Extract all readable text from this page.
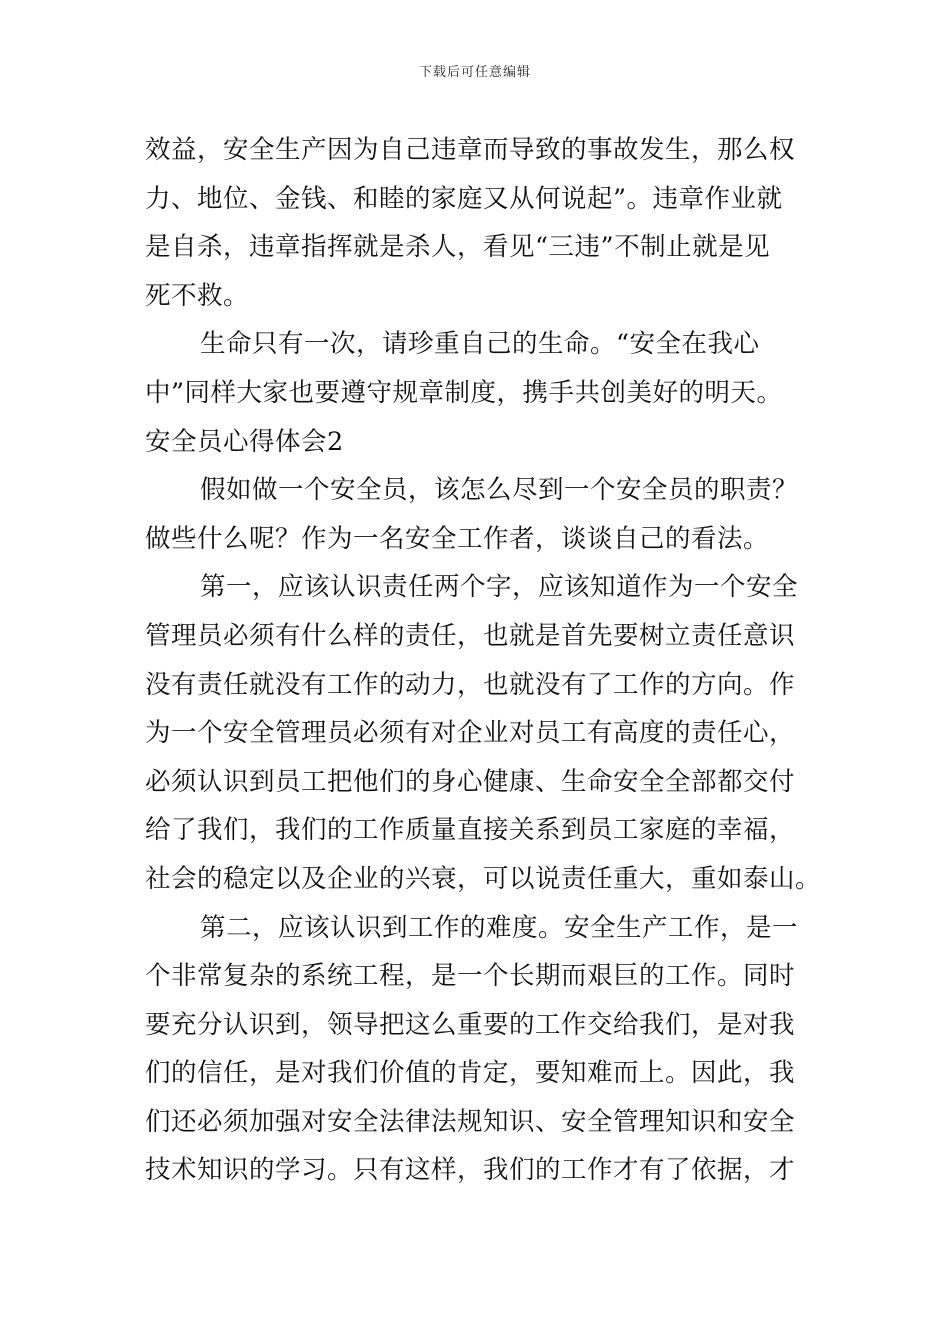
下载后可任意编辑

效益，安全生产因为自己违章而导致的事故发生，那么权
力、地位、金钱、和睦的家庭又从何说起”。违章作业就
是自杀，违章指挥就是杀人，看见“三违”不制止就是见
死不救。

生命只有一次，请珍重自己的生命。“安全在我心
中”同样大家也要遵守规章制度，携手共创美好的明天。

安全员心得体会2

假如做一个安全员，该怎么尽到一个安全员的职责？
做些什么呢？作为一名安全工作者，谈谈自己的看法。

第一，应该认识责任两个字，应该知道作为一个安全
管理员必须有什么样的责任，也就是首先要树立责任意识
没有责任就没有工作的动力，也就没有了工作的方向。作
为一个安全管理员必须有对企业对员工有高度的责任心，
必须认识到员工把他们的身心健康、生命安全全部都交付
给了我们，我们的工作质量直接关系到员工家庭的幸福，
社会的稳定以及企业的兴衰，可以说责任重大，重如泰山。

第二，应该认识到工作的难度。安全生产工作，是一
个非常复杂的系统工程，是一个长期而艰巨的工作。同时
要充分认识到，领导把这么重要的工作交给我们，是对我
们的信任，是对我们价值的肯定，要知难而上。因此，我
们还必须加强对安全法律法规知识、安全管理知识和安全
技术知识的学习。只有这样，我们的工作才有了依据，才
